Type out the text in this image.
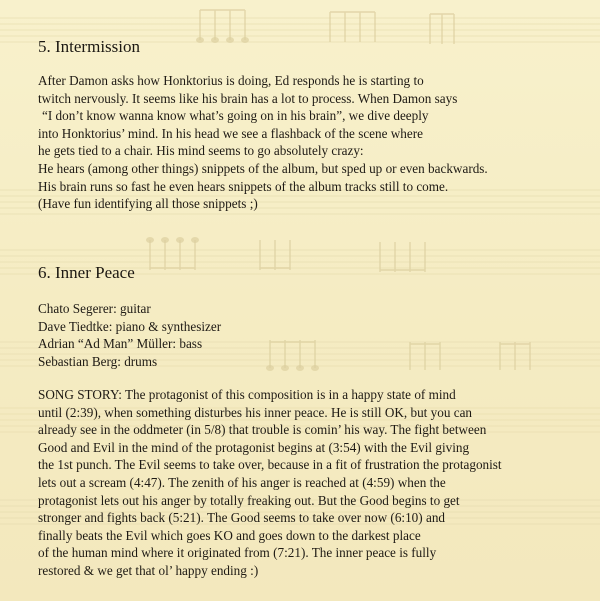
5. Intermission
After Damon asks how Honktorius is doing, Ed responds he is starting to
twitch nervously. It seems like his brain has a lot to process. When Damon says
“I don’t know wanna know what’s going on in his brain”, we dive deeply
into Honktorius’ mind. In his head we see a flashback of the scene where
he gets tied to a chair. His mind seems to go absolutely crazy:
He hears (among other things) snippets of the album, but sped up or even backwards.
His brain runs so fast he even hears snippets of the album tracks still to come.
(Have fun identifying all those snippets ;)
6. Inner Peace
Chato Segerer: guitar
Dave Tiedtke: piano & synthesizer
Adrian “Ad Man” Müller: bass
Sebastian Berg: drums
SONG STORY: The protagonist of this composition is in a happy state of mind
until (2:39), when something disturbes his inner peace. He is still OK, but you can
already see in the oddmeter (in 5/8) that trouble is comin’ his way. The fight between
Good and Evil in the mind of the protagonist begins at (3:54) with the Evil giving
the 1st punch. The Evil seems to take over, because in a fit of frustration the protagonist
lets out a scream (4:47). The zenith of his anger is reached at (4:59) when the
protagonist lets out his anger by totally freaking out. But the Good begins to get
stronger and fights back (5:21). The Good seems to take over now (6:10) and
finally beats the Evil which goes KO and goes down to the darkest place
of the human mind where it originated from (7:21). The inner peace is fully
restored & we get that ol’ happy ending :)
